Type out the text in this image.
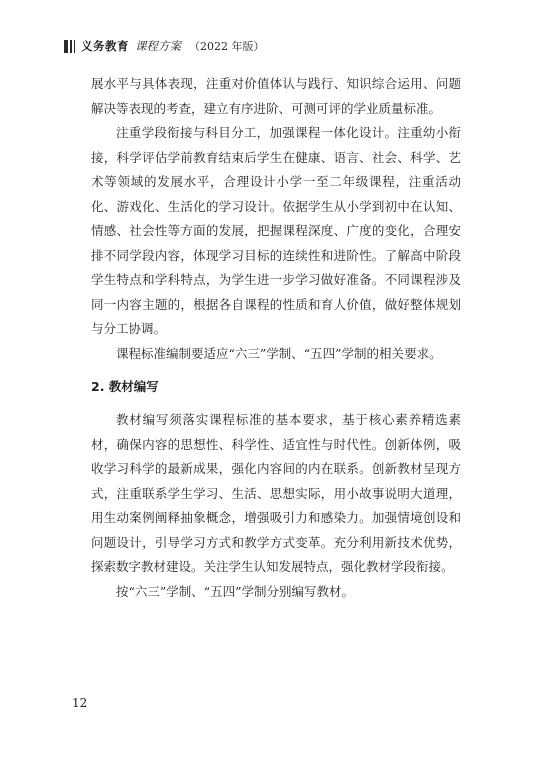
义务教育 课程方案 （2022 年版）

展水平与具体表现，注重对价值体认与践行、知识综合运用、问题解决等表现的考查，建立有序进阶、可测可评的学业质量标准。

注重学段衔接与科目分工，加强课程一体化设计。注重幼小衔接，科学评估学前教育结束后学生在健康、语言、社会、科学、艺术等领域的发展水平，合理设计小学一至二年级课程，注重活动化、游戏化、生活化的学习设计。依据学生从小学到初中在认知、情感、社会性等方面的发展，把握课程深度、广度的变化，合理安排不同学段内容，体现学习目标的连续性和进阶性。了解高中阶段学生特点和学科特点，为学生进一步学习做好准备。不同课程涉及同一内容主题的，根据各自课程的性质和育人价值，做好整体规划与分工协调。

课程标准编制要适应“六三”学制、“五四”学制的相关要求。

2. 教材编写

教材编写须落实课程标准的基本要求，基于核心素养精选素材，确保内容的思想性、科学性、适宜性与时代性。创新体例，吸收学习科学的最新成果，强化内容间的内在联系。创新教材呈现方式，注重联系学生学习、生活、思想实际，用小故事说明大道理，用生动案例阐释抽象概念，增强吸引力和感染力。加强情境创设和问题设计，引导学习方式和教学方式变革。充分利用新技术优势，探索数字教材建设。关注学生认知发展特点，强化教材学段衔接。

按“六三”学制、“五四”学制分别编写教材。

12
